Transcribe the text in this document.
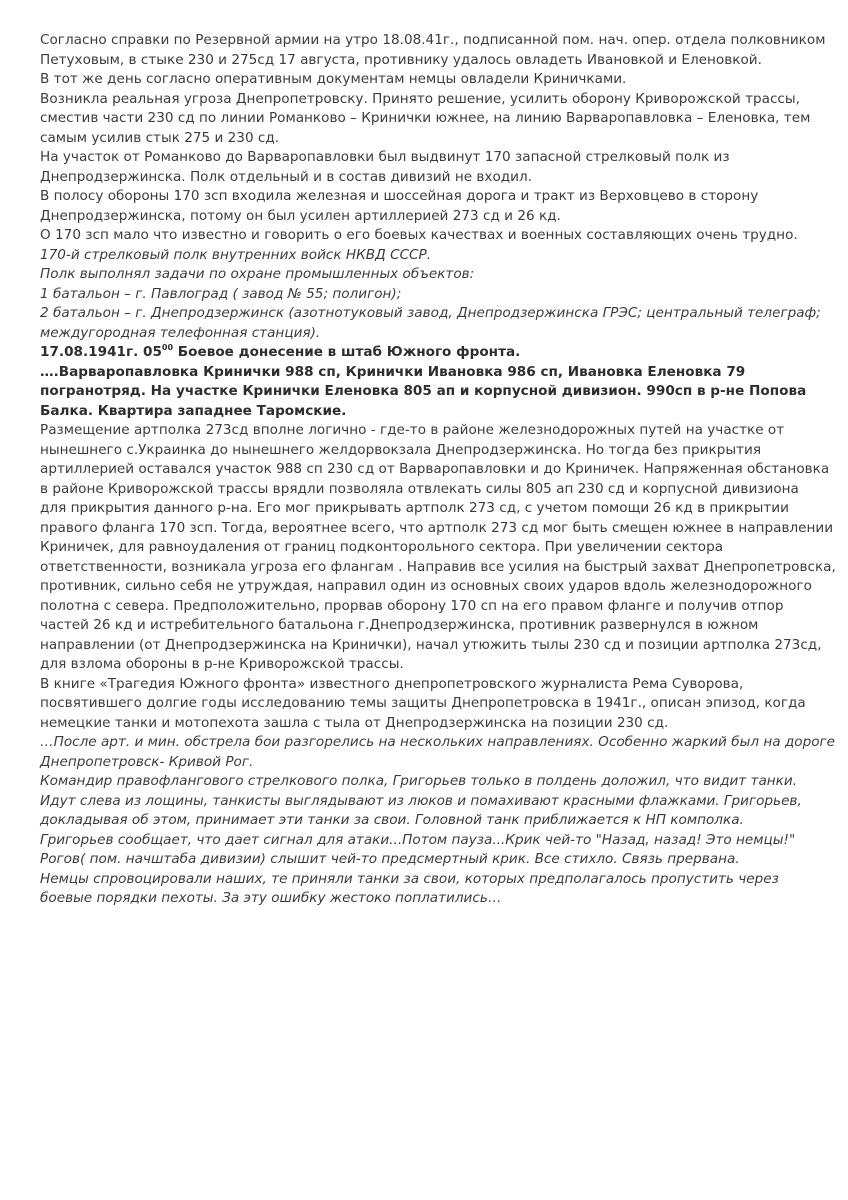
Согласно справки по Резервной армии на утро 18.08.41г., подписанной пом. нач. опер. отдела полковником
Петуховым, в стыке 230 и 275сд 17 августа, противнику удалось овладеть Ивановкой и Еленовкой.
В тот же день согласно оперативным документам немцы овладели Криничками.
Возникла реальная угроза Днепропетровску. Принято решение, усилить оборону Криворожской трассы,
сместив части 230 сд по линии Романково – Кринички южнее, на линию Варваропавловка – Еленовка, тем
самым усилив стык 275 и 230 сд.
На участок от Романково до Варваропавловки был выдвинут 170 запасной стрелковый полк из
Днепродзержинска. Полк отдельный и в состав дивизий не входил.
В полосу обороны 170 зсп входила железная и шоссейная дорога и тракт из Верховцево в сторону
Днепродзержинска, потому он был усилен артиллерией 273 сд и 26 кд.
О 170 зсп мало что известно и говорить о его боевых качествах и военных составляющих очень трудно.
170-й стрелковый полк внутренних войск НКВД СССР.
Полк выполнял задачи по охране промышленных объектов:
1 батальон – г. Павлоград ( завод № 55; полигон);
2 батальон – г. Днепродзержинск (азотнотуковый завод, Днепродзержинска ГРЭС; центральный телеграф;
междугородная телефонная станция).
17.08.1941г. $05^{00}$ Боевое донесение в штаб Южного фронта.
….Варваропавловка Кринички 988 сп, Кринички Ивановка 986 сп, Ивановка Еленовка 79
погранотряд. На участке Кринички Еленовка 805 ап и корпусной дивизион. 990сп в р-не Попова
Балка. Квартира западнее Таромские.
Размещение артполка 273сд вполне логично - где-то в районе железнодорожных путей на участке от
нынешнего с.Украинка до нынешнего желдорвокзала Днепродзержинска. Но тогда без прикрытия
артиллерией оставался участок 988 сп 230 сд от Варваропавловки и до Криничек. Напряженная обстановка
в районе Криворожской трассы врядли позволяла отвлекать силы 805 ап 230 сд и корпусной дивизиона
для прикрытия данного р-на. Его мог прикрывать артполк 273 сд, с учетом помощи 26 кд в прикрытии
правого фланга 170 зсп. Тогда, вероятнее всего, что артполк 273 сд мог быть смещен южнее в направлении
Криничек, для равноудаления от границ подконторольного сектора. При увеличении сектора
ответственности, возникала угроза его флангам . Направив все усилия на быстрый захват Днепропетровска,
противник, сильно себя не утруждая, направил один из основных своих ударов вдоль железнодорожного
полотна с севера. Предположительно, прорвав оборону 170 сп на его правом фланге и получив отпор
частей 26 кд и истребительного батальона г.Днепродзержинска, противник развернулся в южном
направлении (от Днепродзержинска на Кринички), начал утюжить тылы 230 сд и позиции артполка 273сд,
для взлома обороны в р-не Криворожской трассы.
В книге «Трагедия Южного фронта» известного днепропетровского журналиста Рема Суворова,
посвятившего долгие годы исследованию темы защиты Днепропетровска в 1941г., описан эпизод, когда
немецкие танки и мотопехота зашла с тыла от Днепродзержинска на позиции 230 сд.
…После арт. и мин. обстрела бои разгорелись на нескольких направлениях. Особенно жаркий был на дороге
Днепропетровск- Кривой Рог.
Командир правофлангового стрелкового полка, Григорьев только в полдень доложил, что видит танки.
Идут слева из лощины, танкисты выглядывают из люков и помахивают красными флажками. Григорьев,
докладывая об этом, принимает эти танки за свои. Головной танк приближается к НП комполка.
Григорьев сообщает, что дает сигнал для атаки...Потом пауза...Крик чей-то "Назад, назад! Это немцы!"
Рогов( пом. начштаба дивизии) слышит чей-то предсмертный крик. Все стихло. Связь прервана.
Немцы спровоцировали наших, те приняли танки за свои, которых предполагалось пропустить через
боевые порядки пехоты. За эту ошибку жестоко поплатились…
